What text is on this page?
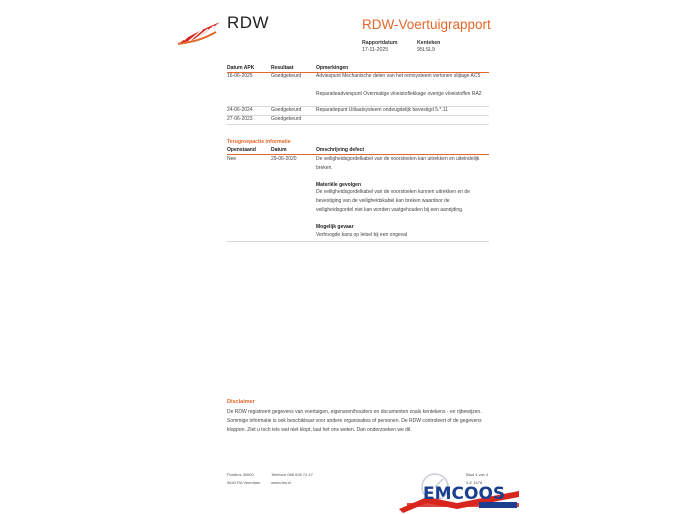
RDW	RDW-Voertuigrapport
Rapportdatum
17-11-2025
Kenteken
95LSL9
Datum APK	Resultaat	Opmerkingen
16-06-2025	Goedgekeurd	Adviespunt Mechanische delen van het remsysteem vertonen slijtage AC5
Reparatieadviespunt Overmatige vloeistoflekkage overige vloeistoffen RA2
24-06-2024	Goedgekeurd	Reparatiepunt Uitlaatsysteem ondeugdelijk bevestigd 5.*.11
27-06-2023	Goedgekeurd
Terugroepactie informatie
Openstaand	Datum	Omschrijving defect
Nee	29-06-2020	De veiligheidsgordelkabel van de voorstoelen kan uitrekken en uiteindelijk breken.
Materiële gevolgen
De veiligheidsgordelkabel van de voorstoelen kunnen uitrekken en de bevestiging van de veiligheidskabel kan breken waardoor de veiligheidsgordel niet kan worden vastgehouden bij een aanrijding.
Mogelijk gevaar
Verhoogde kans op letsel bij een ongeval
Disclaimer
De RDW registreert gegevens van voertuigen, eigenaren/houders en documenten zoals kentekens - en rijbewijzen. Sommige informatie is ook beschikbaar voor andere organisaties of personen. De RDW controleert of de gegevens kloppen. Ziet u toch iets wat niet klopt, laat het ons weten. Dan onderzoeken we dit.
Postbus 30000
9640 RA Veendam
Telefoon 088 008 74 47
www.rdw.nl
Blad 4 van 4
3-E 1678
EMCOOS
